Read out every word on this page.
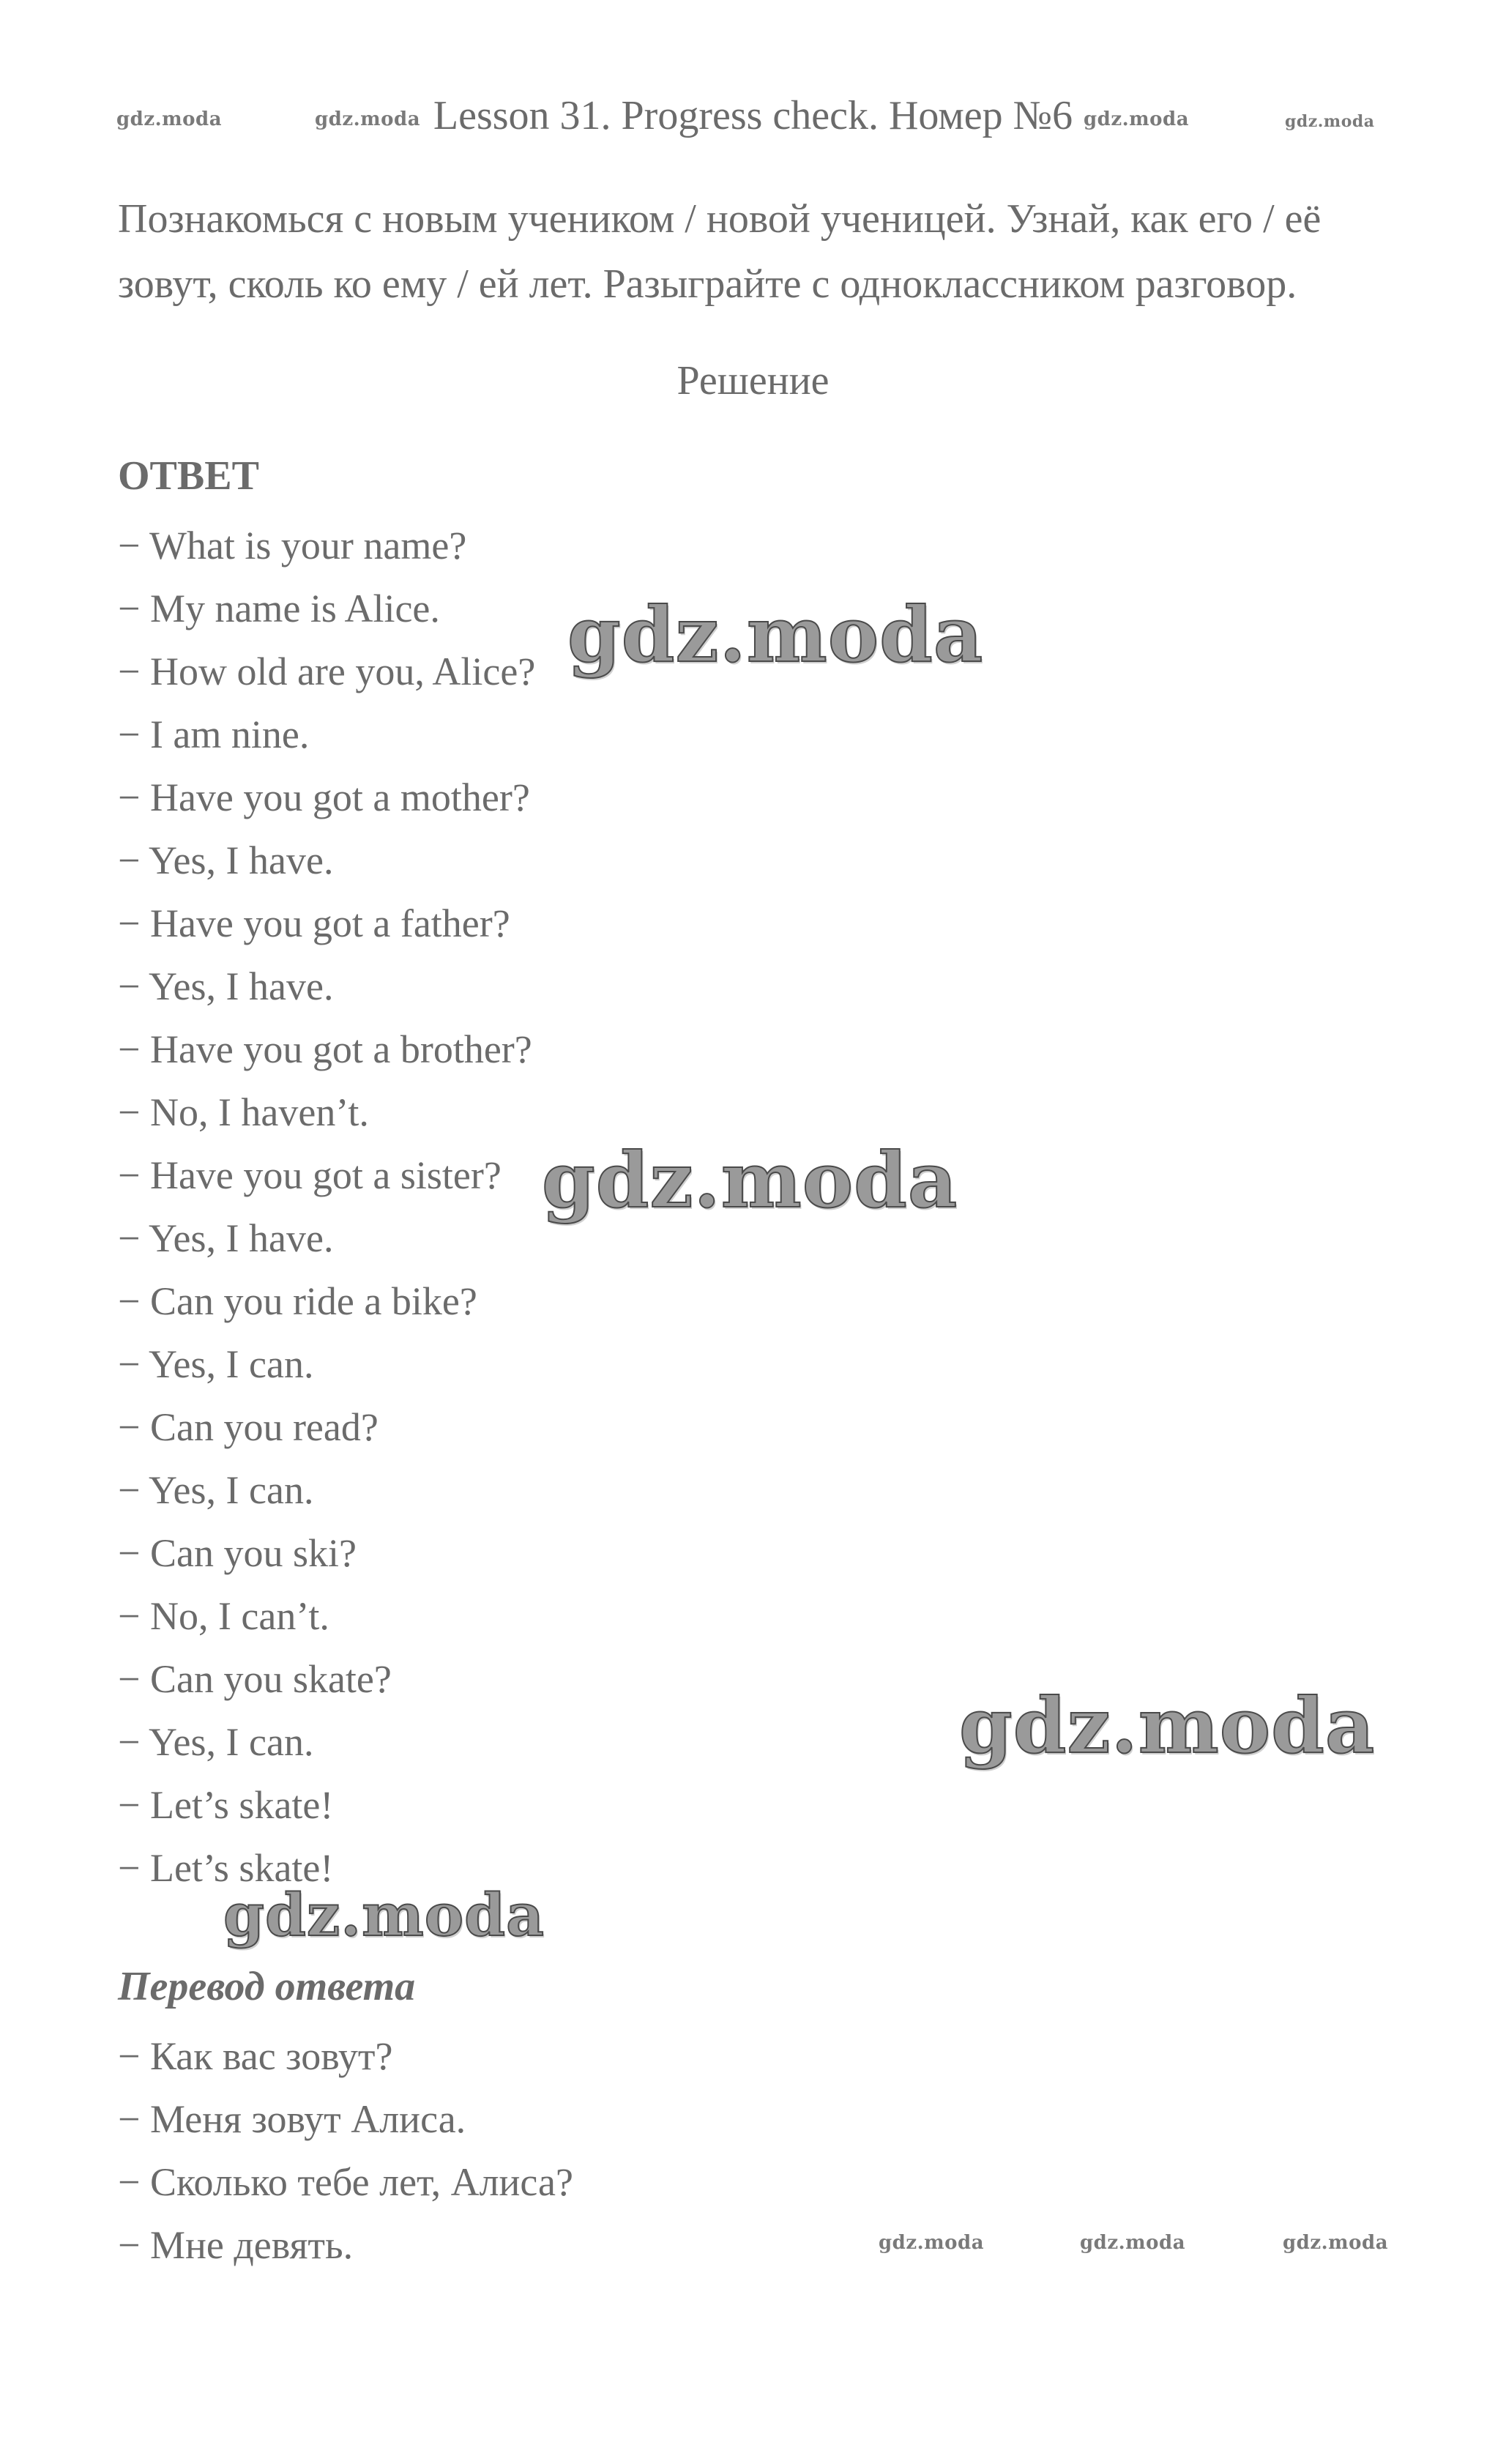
gdz.moda	gdz.moda	gdz.moda	gdz.moda
Lesson 31. Progress check. Номер №6
Познакомься с новым учеником / новой ученицей. Узнай, как его / её зовут, сколь ко ему / ей лет. Разыграйте с одноклассником разговор.
Решение
ОТВЕТ
− What is your name?
− My name is Alice.
− How old are you, Alice?
− I am nine.
− Have you got a mother?
− Yes, I have.
− Have you got a father?
− Yes, I have.
− Have you got a brother?
− No, I haven’t.
− Have you got a sister?
− Yes, I have.
− Can you ride a bike?
− Yes, I can.
− Can you read?
− Yes, I can.
− Can you ski?
− No, I can’t.
− Can you skate?
− Yes, I can.
− Let’s skate!
− Let’s skate!
Перевод ответа
− Как вас зовут?
− Меня зовут Алиса.
− Сколько тебе лет, Алиса?
− Мне девять.
gdz.moda
gdz.moda
gdz.moda
gdz.moda
gdz.moda	gdz.moda	gdz.moda
